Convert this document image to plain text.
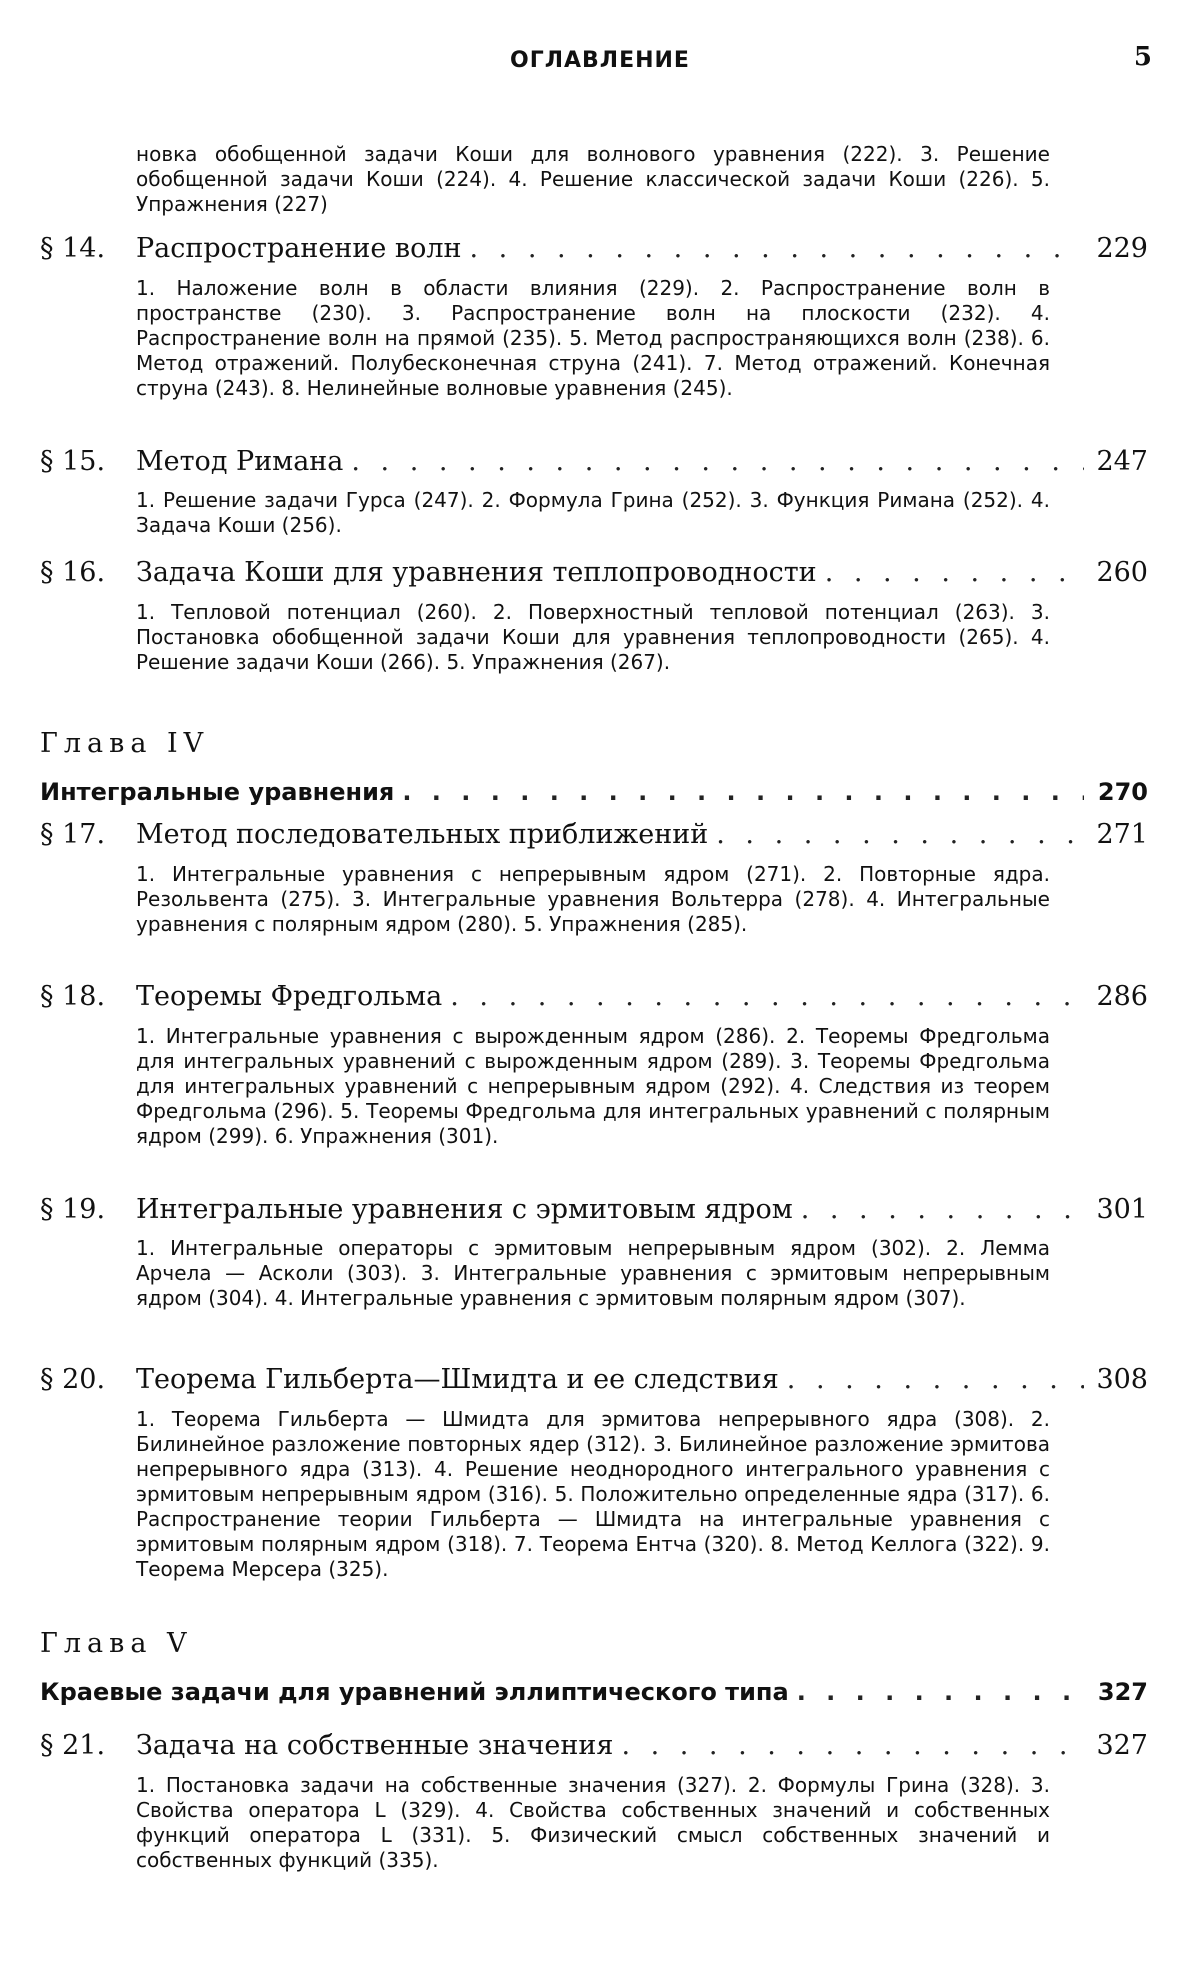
ОГЛАВЛЕНИЕ	5
новка обобщенной задачи Коши для волнового уравнения (222). 3. Решение обобщенной задачи Коши (224). 4. Решение классической задачи Коши (226). 5. Упражнения (227)
§ 14.	Распространение волн . . .	229
1. Наложение волн в области влияния (229). 2. Распространение волн в пространстве (230). 3. Распространение волн на плоскости (232). 4. Распространение волн на прямой (235). 5. Метод распространяющихся волн (238). 6. Метод отражений. Полубесконечная струна (241). 7. Метод отражений. Конечная струна (243). 8. Нелинейные волновые уравнения (245).
§ 15.	Метод Римана . . .	247
1. Решение задачи Гурса (247). 2. Формула Грина (252). 3. Функция Римана (252). 4. Задача Коши (256).
§ 16.	Задача Коши для уравнения теплопроводности . . .	260
1. Тепловой потенциал (260). 2. Поверхностный тепловой потенциал (263). 3. Постановка обобщенной задачи Коши для уравнения теплопроводности (265). 4. Решение задачи Коши (266). 5. Упражнения (267).
Глава IV
Интегральные уравнения . . .	270
§ 17.	Метод последовательных приближений . . .	271
1. Интегральные уравнения с непрерывным ядром (271). 2. Повторные ядра. Резольвента (275). 3. Интегральные уравнения Вольтерра (278). 4. Интегральные уравнения с полярным ядром (280). 5. Упражнения (285).
§ 18.	Теоремы Фредгольма . . .	286
1. Интегральные уравнения с вырожденным ядром (286). 2. Теоремы Фредгольма для интегральных уравнений с вырожденным ядром (289). 3. Теоремы Фредгольма для интегральных уравнений с непрерывным ядром (292). 4. Следствия из теорем Фредгольма (296). 5. Теоремы Фредгольма для интегральных уравнений с полярным ядром (299). 6. Упражнения (301).
§ 19.	Интегральные уравнения с эрмитовым ядром . . .	301
1. Интегральные операторы с эрмитовым непрерывным ядром (302). 2. Лемма Арчела — Асколи (303). 3. Интегральные уравнения с эрмитовым непрерывным ядром (304). 4. Интегральные уравнения с эрмитовым полярным ядром (307).
§ 20.	Теорема Гильберта—Шмидта и ее следствия . . .	308
1. Теорема Гильберта — Шмидта для эрмитова непрерывного ядра (308). 2. Билинейное разложение повторных ядер (312). 3. Билинейное разложение эрмитова непрерывного ядра (313). 4. Решение неоднородного интегрального уравнения с эрмитовым непрерывным ядром (316). 5. Положительно определенные ядра (317). 6. Распространение теории Гильберта — Шмидта на интегральные уравнения с эрмитовым полярным ядром (318). 7. Теорема Ентча (320). 8. Метод Келлога (322). 9. Теорема Мерсера (325).
Глава V
Краевые задачи для уравнений эллиптического типа . . .	327
§ 21.	Задача на собственные значения . . .	327
1. Постановка задачи на собственные значения (327). 2. Формулы Грина (328). 3. Свойства оператора L (329). 4. Свойства собственных значений и собственных функций оператора L (331). 5. Физический смысл собственных значений и собственных функций (335).
